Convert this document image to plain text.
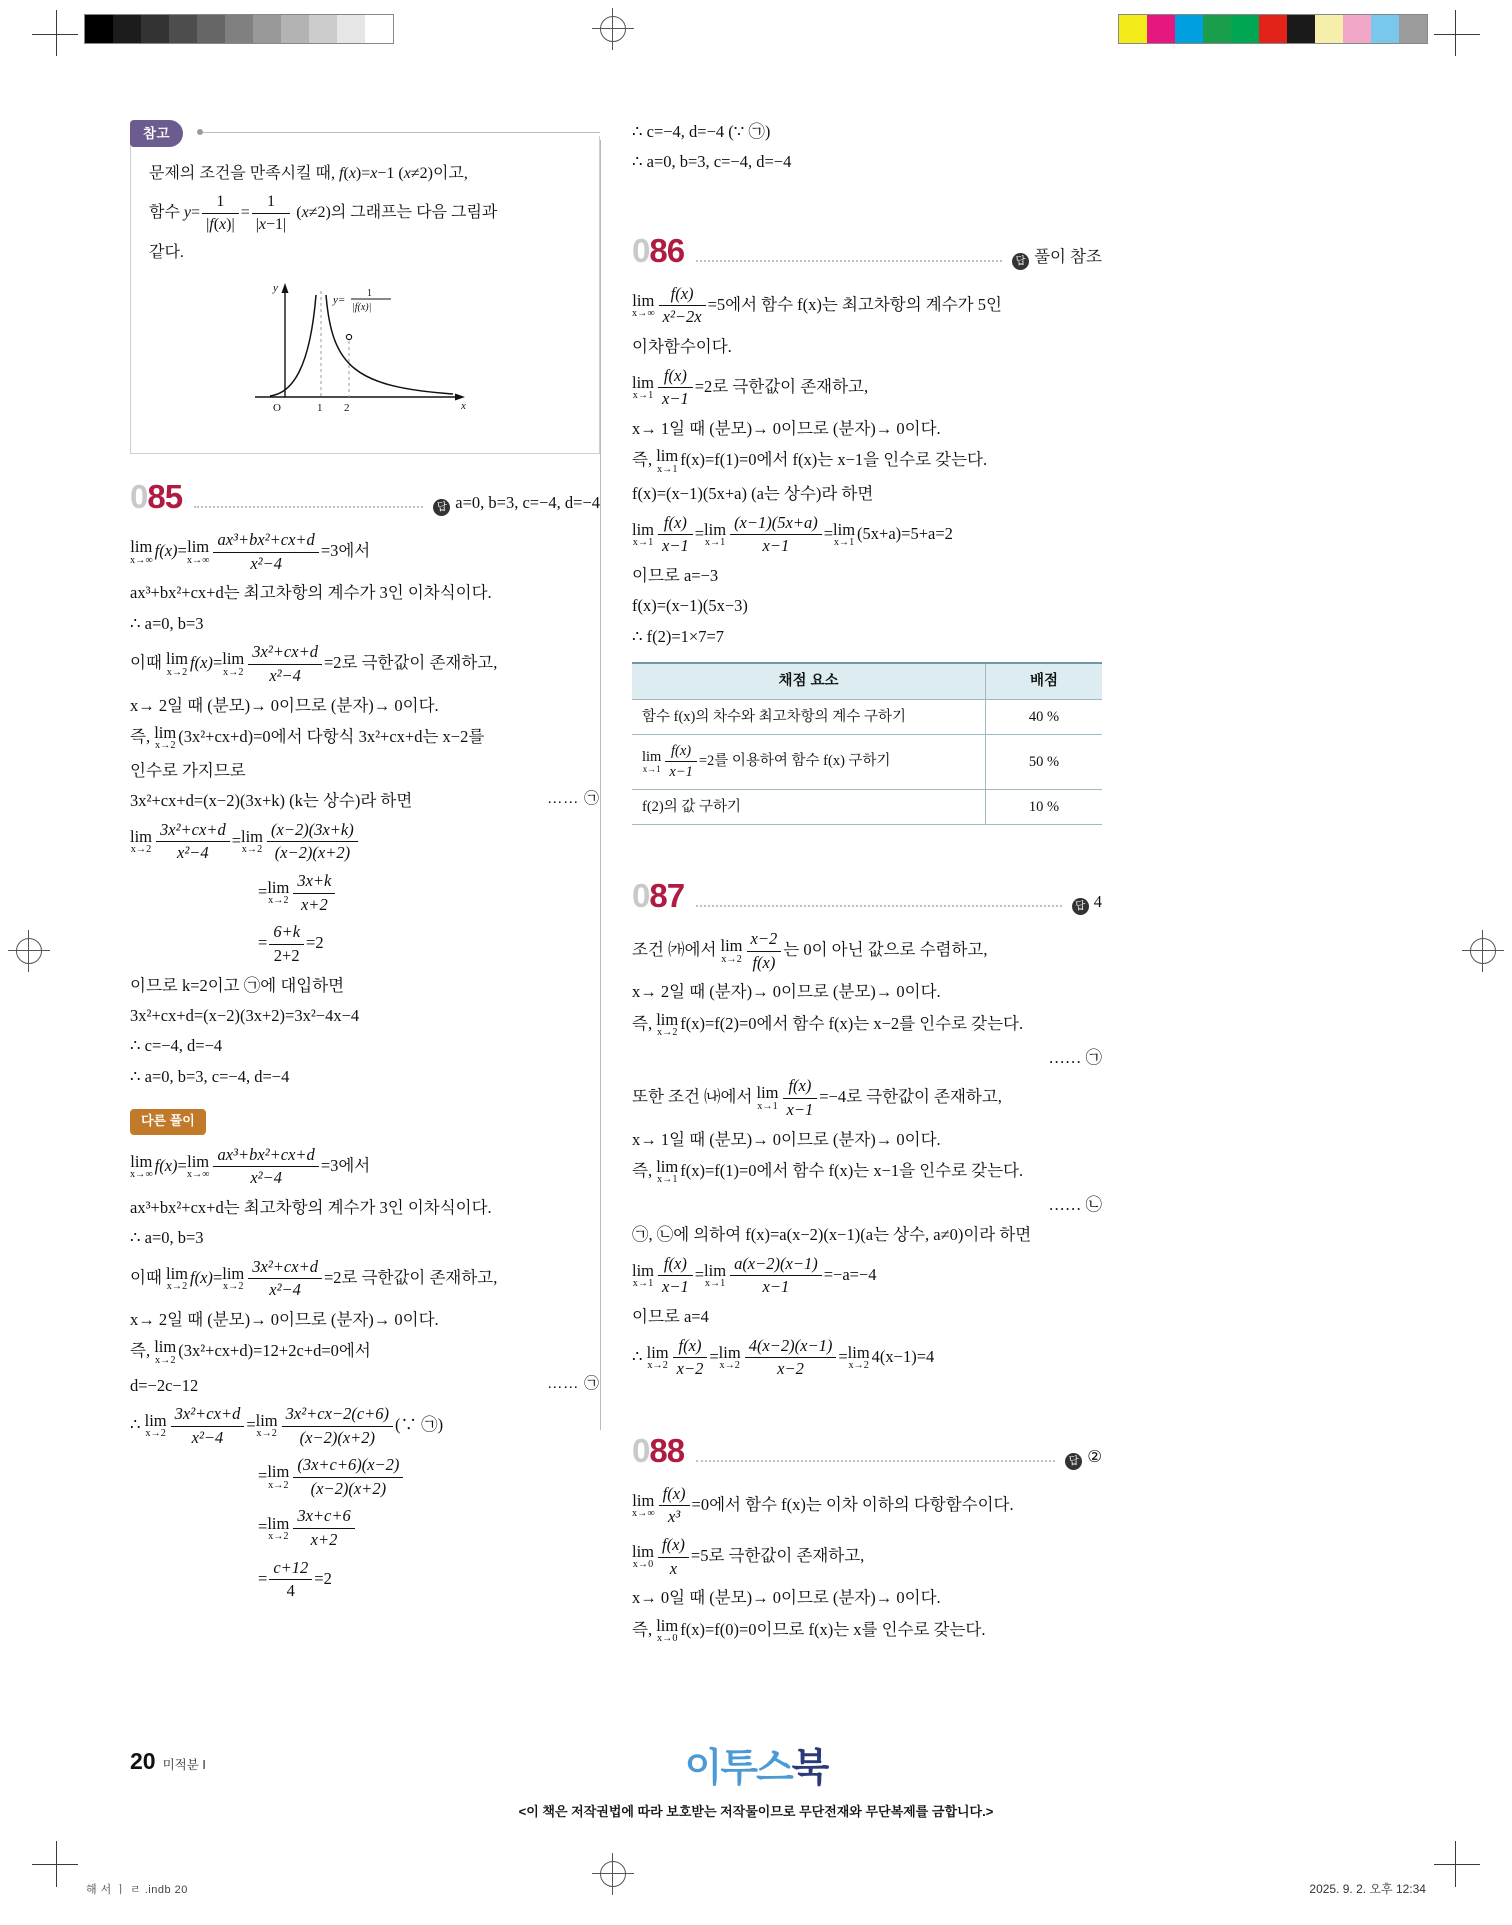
참고
문제의 조건을 만족시킬 때, f(x)=x−1 (x≠2)이고,
함수 $y= \frac{1}{|f(x)|} = \frac{1}{|x-1|} (x\ne 2)$의 그래프는 다음 그림과
같다.
y
x
O	1 2
y=
1
|f(x)|
085	답 a=0, b=3, c=−4, d=−4
lim
x→∞ f(x)= lim
$x\to\infty \frac{\text{ax³+bx²+cx+d}}{\text{x²−4}} =3$에서
ax³+bx²+cx+d는 최고차항의 계수가 3인 이차식이다.
∴ a=0, b=3
이때 lim
x→2 f(x)= lim
$x\to 2 \frac{\text{3x²+cx+d}}{\text{x²−4}} =2$로 극한값이 존재하고,
x→ 2일 때 (분모)→ 0이므로 (분자)→ 0이다.
즉, lim
x→2 (3x²+cx+d)=0에서 다항식 3x²+cx+d는 x−2를
인수로 가지므로
…… ㉠
3x²+cx+d=(x−2)(3x+k) (k는 상수)라 하면
lim
$x\to 2 \frac{\text{3x²+cx+d}}{\text{x²−4}} = \lim$
$x\to 2 \frac{(x-2)(3x+k)}{(x-2)(x+2)}$
= lim
$x\to 2 \frac{3x+k}{x+2}$
= $\frac{6+k}{2+2} =2$
이므로 k=2이고 ㉠에 대입하면
3x²+cx+d=(x−2)(3x+2)=3x²−4x−4
∴ c=−4, d=−4
∴ a=0, b=3, c=−4, d=−4
다른 풀이
lim
x→∞ f(x)= lim
$x\to\infty \frac{\text{ax³+bx²+cx+d}}{\text{x²−4}} =3$에서
ax³+bx²+cx+d는 최고차항의 계수가 3인 이차식이다.
∴ a=0, b=3
이때 lim
x→2 f(x)= lim
$x\to 2 \frac{\text{3x²+cx+d}}{\text{x²−4}} =2$로 극한값이 존재하고,
x→ 2일 때 (분모)→ 0이므로 (분자)→ 0이다.
즉, lim
x→2 (3x²+cx+d)=12+2c+d=0에서
…… ㉠
d=−2c−12
∴ lim
$x\to 2 \frac{\text{3x²+cx+d}}{\text{x²−4}} = \lim$
$x\to 2 \frac{\text{3x²+cx−2(c+6)}}{(x-2)(x+2)}$ (∵ ㉠)
= lim
$x\to 2 \frac{(3x+c+6)(x-2)}{(x-2)(x+2)}$
= lim
$x\to 2 \frac{3x+c+6}{x+2}$
= $\frac{c+12}{4} =2$
∴ c=−4, d=−4 (∵ ㉠)
∴ a=0, b=3, c=−4, d=−4
086	답 풀이 참조
lim
$x\to\infty \frac{f(x)}{\text{x²−2x}} =5$에서 함수 f(x)는 최고차항의 계수가 5인
이차함수이다.
lim
$x\to 1 \frac{f(x)}{x-1} =2$로 극한값이 존재하고,
x→ 1일 때 (분모)→ 0이므로 (분자)→ 0이다.
즉, lim
x→1 f(x)=f(1)=0에서 f(x)는 x−1을 인수로 갖는다.
f(x)=(x−1)(5x+a) (a는 상수)라 하면
lim
$x\to 1 \frac{f(x)}{x-1} = \lim$
$x\to 1 \frac{(x-1)(5x+a)}{x-1} = \lim$
x→1 (5x+a)=5+a=2
이므로 a=−3
f(x)=(x−1)(5x−3)
∴ f(2)=1×7=7
채점 요소	배점
함수 f(x)의 차수와 최고차항의 계수 구하기	40 %

lim
$x\to 1 \frac{f(x)}{x-1} =2$를 이용하여 함수 f(x) 구하기	50 %
f(2)의 값 구하기	10 %
087	답 4
조건 ㈎에서 lim
$x\to 2 \frac{x-2}{f(x)}$ 는 0이 아닌 값으로 수렴하고,
x→ 2일 때 (분자)→ 0이므로 (분모)→ 0이다.
즉, lim
x→2 f(x)=f(2)=0에서 함수 f(x)는 x−2를 인수로 갖는다.
…… ㉠
또한 조건 ㈏에서 lim
$x\to 1 \frac{f(x)}{x-1} =-4$로 극한값이 존재하고,
x→ 1일 때 (분모)→ 0이므로 (분자)→ 0이다.
즉, lim
x→1 f(x)=f(1)=0에서 함수 f(x)는 x−1을 인수로 갖는다.
…… ㉡
㉠, ㉡에 의하여 f(x)=a(x−2)(x−1)(a는 상수, a≠0)이라 하면
lim
$x\to 1 \frac{f(x)}{x-1} = \lim$
$x\to 1 \frac{a(x-2)(x-1)}{x-1} =-a=-4$
이므로 a=4
∴ lim
$x\to 2 \frac{f(x)}{x-2} = \lim$
$x\to 2 \frac{4(x-2)(x-1)}{x-2} = \lim$
x→2 4(x−1)=4
088	답 ②
lim
$x\to\infty \frac{f(x)}{\text{x³}} =0$에서 함수 f(x)는 이차 이하의 다항함수이다.
lim
$x\to 0 \frac{f(x)}{x} =5$로 극한값이 존재하고,
x→ 0일 때 (분모)→ 0이므로 (분자)→ 0이다.
즉, lim
x→0 f(x)=f(0)=0이므로 f(x)는 x를 인수로 갖는다.
20 미적분 Ⅰ	이투스북
<이 책은 저작권법에 따라 보호받는 저작물이므로 무단전재와 무단복제를 금합니다.>
해 서 ㅣ ㄹ .indb 20	2025. 9. 2. 오후 12:34
